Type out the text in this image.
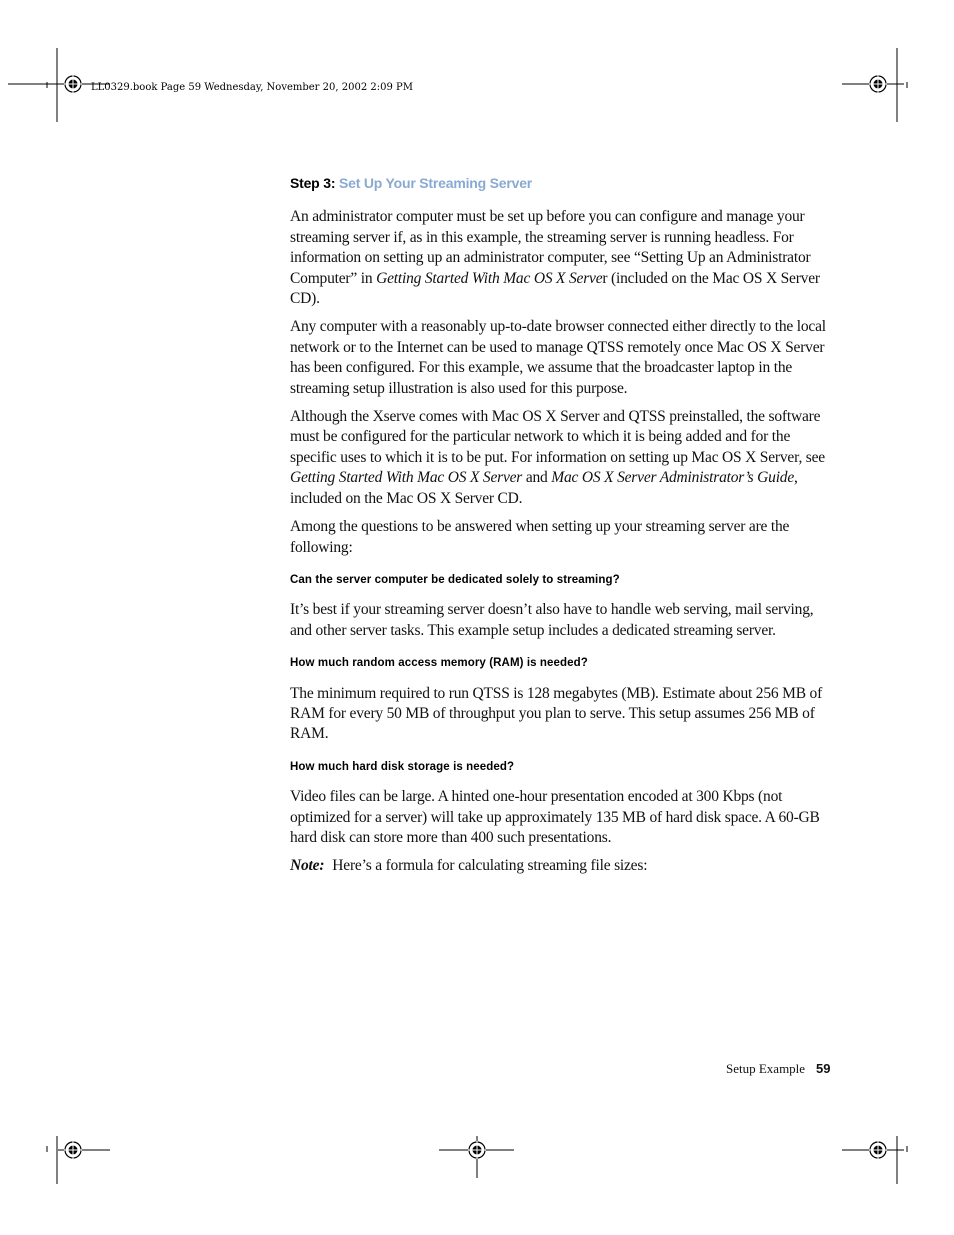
LL0329.book Page 59 Wednesday, November 20, 2002 2:09 PM
Step 3: Set Up Your Streaming Server

An administrator computer must be set up before you can configure and manage your streaming server if, as in this example, the streaming server is running headless. For information on setting up an administrator computer, see “Setting Up an Administrator Computer” in Getting Started With Mac OS X Server (included on the Mac OS X Server CD).

Any computer with a reasonably up-to-date browser connected either directly to the local network or to the Internet can be used to manage QTSS remotely once Mac OS X Server has been configured. For this example, we assume that the broadcaster laptop in the streaming setup illustration is also used for this purpose.

Although the Xserve comes with Mac OS X Server and QTSS preinstalled, the software must be configured for the particular network to which it is being added and for the specific uses to which it is to be put. For information on setting up Mac OS X Server, see Getting Started With Mac OS X Server and Mac OS X Server Administrator’s Guide, included on the Mac OS X Server CD.

Among the questions to be answered when setting up your streaming server are the following:

Can the server computer be dedicated solely to streaming?

It’s best if your streaming server doesn’t also have to handle web serving, mail serving, and other server tasks. This example setup includes a dedicated streaming server.

How much random access memory (RAM) is needed?

The minimum required to run QTSS is 128 megabytes (MB). Estimate about 256 MB of RAM for every 50 MB of throughput you plan to serve. This setup assumes 256 MB of RAM.

How much hard disk storage is needed?

Video files can be large. A hinted one-hour presentation encoded at 300 Kbps (not optimized for a server) will take up approximately 135 MB of hard disk space. A 60-GB hard disk can store more than 400 such presentations.

Note: Here’s a formula for calculating streaming file sizes:

Setup Example 59
